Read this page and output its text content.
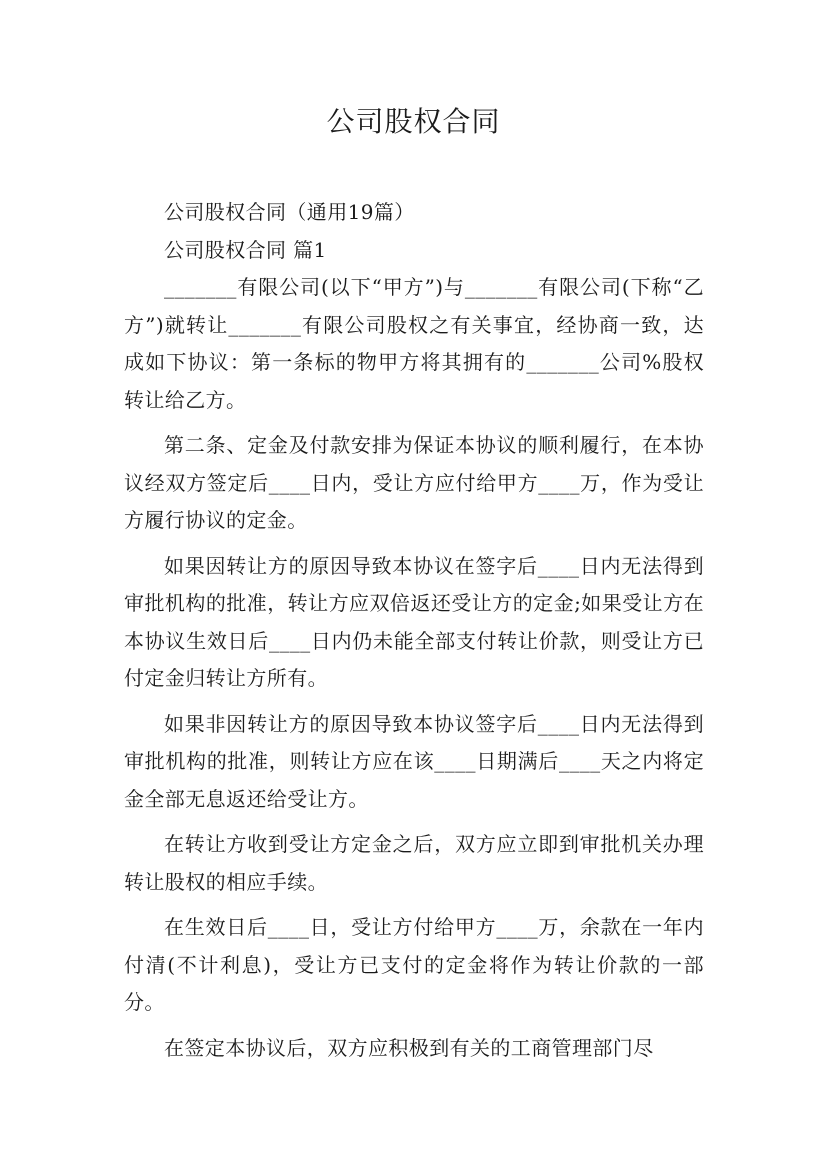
公司股权合同

公司股权合同（通用19篇）

公司股权合同 篇1

_______有限公司(以下“甲方”)与_______有限公司(下称“乙方”)就转让_______有限公司股权之有关事宜，经协商一致，达成如下协议：第一条标的物甲方将其拥有的_______公司%股权转让给乙方。

第二条、定金及付款安排为保证本协议的顺利履行，在本协议经双方签定后____日内，受让方应付给甲方____万，作为受让方履行协议的定金。

如果因转让方的原因导致本协议在签字后____日内无法得到审批机构的批准，转让方应双倍返还受让方的定金;如果受让方在本协议生效日后____日内仍未能全部支付转让价款，则受让方已付定金归转让方所有。

如果非因转让方的原因导致本协议签字后____日内无法得到审批机构的批准，则转让方应在该____日期满后____天之内将定金全部无息返还给受让方。

在转让方收到受让方定金之后，双方应立即到审批机关办理转让股权的相应手续。

在生效日后____日，受让方付给甲方____万，余款在一年内付清(不计利息)，受让方已支付的定金将作为转让价款的一部分。

在签定本协议后，双方应积极到有关的工商管理部门尽
